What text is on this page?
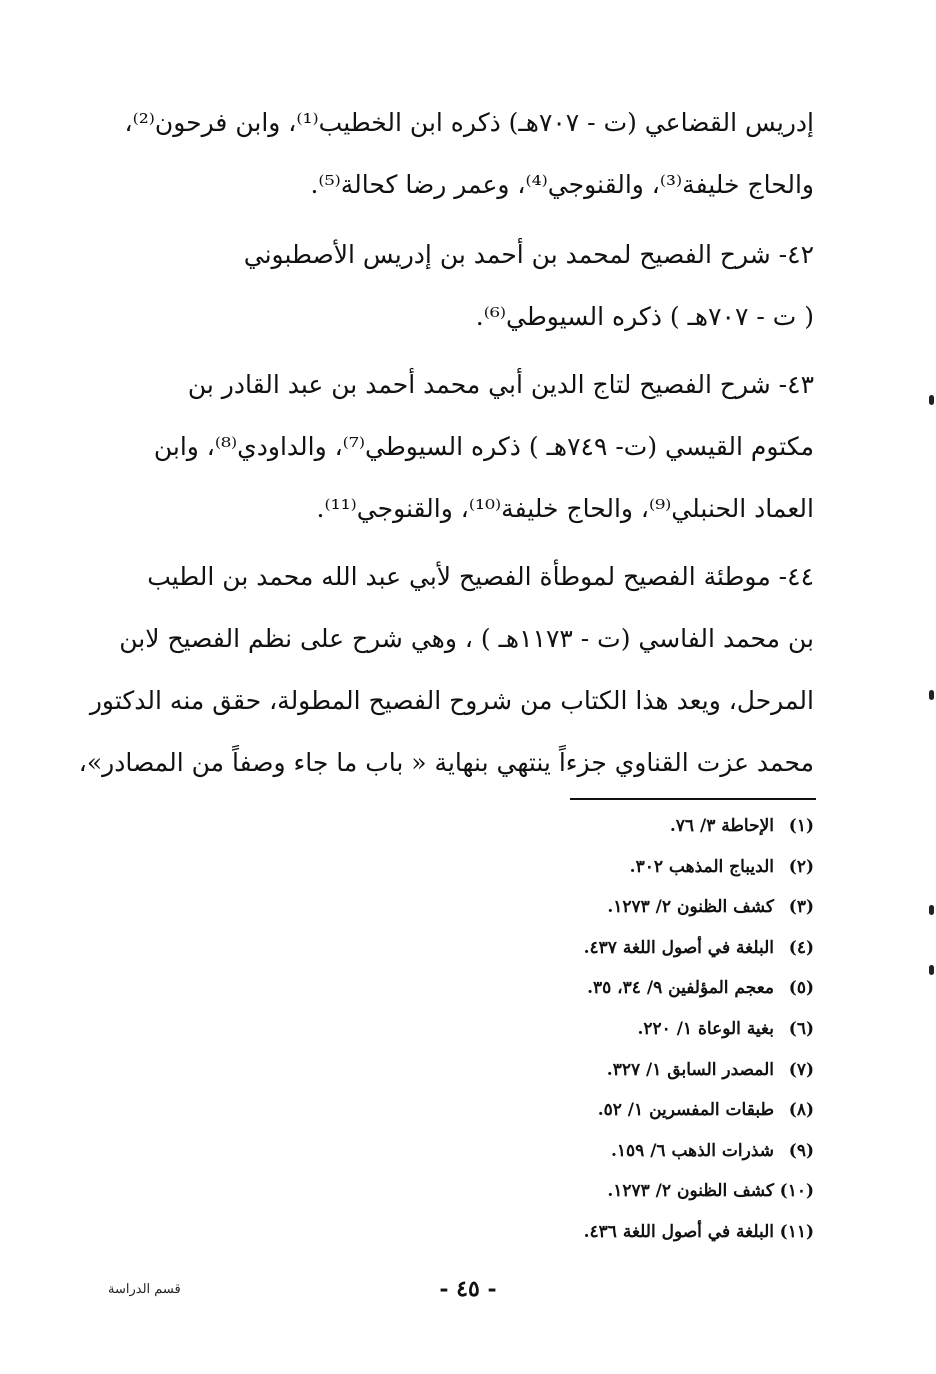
إدريس القضاعي (ت - ٧٠٧هـ) ذكره ابن الخطيب⁽¹⁾، وابن فرحون⁽²⁾،
والحاج خليفة⁽³⁾، والقنوجي⁽⁴⁾، وعمر رضا كحالة⁽⁵⁾.
٤٢- شرح الفصيح لمحمد بن أحمد بن إدريس الأصطبوني
( ت - ٧٠٧هـ ) ذكره السيوطي⁽⁶⁾.
٤٣- شرح الفصيح لتاج الدين أبي محمد أحمد بن عبد القادر بن
مكتوم القيسي (ت- ٧٤٩هـ ) ذكره السيوطي⁽⁷⁾، والداودي⁽⁸⁾، وابن
العماد الحنبلي⁽⁹⁾، والحاج خليفة⁽¹⁰⁾، والقنوجي⁽¹¹⁾.
٤٤- موطئة الفصيح لموطأة الفصيح لأبي عبد الله محمد بن الطيب
بن محمد الفاسي (ت - ١١٧٣هـ ) ، وهي شرح على نظم الفصيح لابن
المرحل، ويعد هذا الكتاب من شروح الفصيح المطولة، حقق منه الدكتور
محمد عزت القناوي جزءاً ينتهي بنهاية « باب ما جاء وصفاً من المصادر»،
(١)
الإحاطة ٣/ ٧٦.
(٢)
الديباج المذهب ٣٠٢.
(٣)
كشف الظنون ٢/ ١٢٧٣.
(٤)
البلغة في أصول اللغة ٤٣٧.
(٥)
معجم المؤلفين ٩/ ٣٤، ٣٥.
(٦)
بغية الوعاة ١/ ٢٢٠.
(٧)
المصدر السابق ١/ ٣٢٧.
(٨)
طبقات المفسرين ١/ ٥٢.
(٩)
شذرات الذهب ٦/ ١٥٩.
(١٠)
كشف الظنون ٢/ ١٢٧٣.
(١١)
البلغة في أصول اللغة ٤٣٦.
- ٤٥ -
قسم الدراسة
